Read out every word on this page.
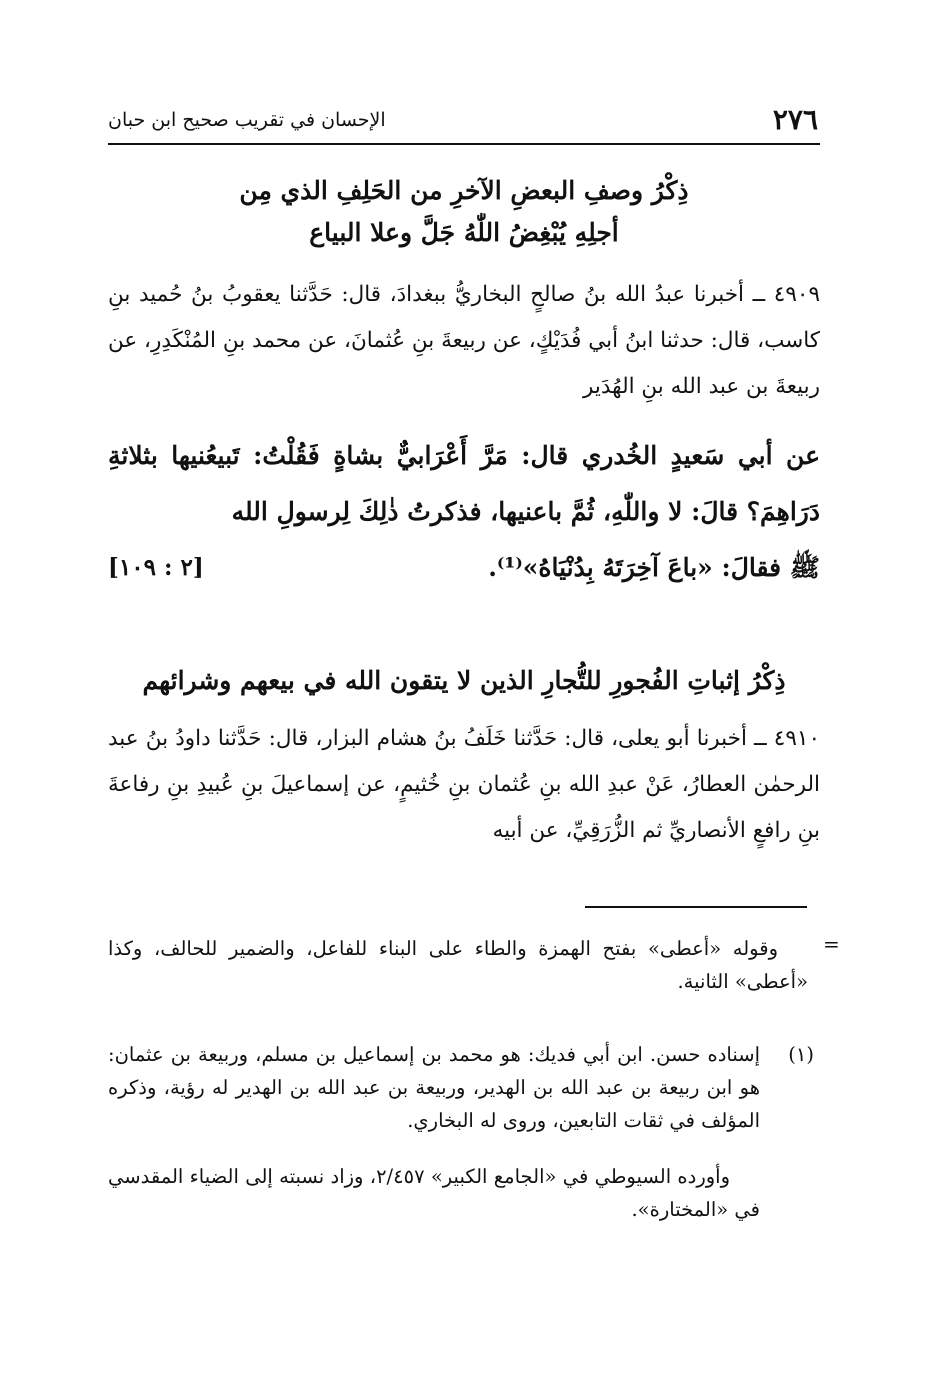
٢٧٦
الإحسان في تقريب صحيح ابن حبان
ذِكْرُ وصفِ البعضِ الآخرِ من الحَلِفِ الذي مِن
أجلِهِ يُبْغِضُ اللّٰهُ جَلَّ وعلا البياع
٤٩٠٩ ــ أخبرنا عبدُ الله بنُ صالحٍ البخاريُّ ببغدادَ، قال: حَدَّثنا يعقوبُ بنُ حُميد بنِ كاسب، قال: حدثنا ابنُ أبي فُدَيْكٍ، عن ربيعةَ بنِ عُثمانَ، عن محمد بنِ المُنْكَدِرِ، عن ربيعةَ بن عبد الله بنِ الهُدَير
عن أبي سَعيدٍ الخُدري قال: مَرَّ أَعْرَابيٌّ بشاةٍ فَقُلْتُ: تَبيعُنيها بثلاثةِ دَرَاهِمَ؟ قالَ: لا واللّٰهِ، ثُمَّ باعنيها، فذكرتُ ذٰلِكَ لِرسولِ الله
ﷺ فقالَ: «باعَ آخِرَتَهُ بِدُنْيَاهُ»⁽¹⁾.
[٢ : ١٠٩]
ذِكْرُ إثباتِ الفُجورِ للتُّجارِ الذين لا يتقون الله في بيعهم وشرائهم
٤٩١٠ ــ أخبرنا أبو يعلى، قال: حَدَّثنا خَلَفُ بنُ هشام البزار، قال: حَدَّثنا داودُ بنُ عبد الرحمٰن العطارُ، عَنْ عبدِ الله بنِ عُثمان بنِ خُثيمٍ، عن إسماعيلَ بنِ عُبيدِ بنِ رفاعةَ بنِ رافعٍ الأنصاريِّ ثم الزُّرَقِيِّ، عن أبيه
=
وقوله «أعطى» بفتح الهمزة والطاء على البناء للفاعل، والضمير للحالف، وكذا «أعطى» الثانية.
(١)
إسناده حسن. ابن أبي فديك: هو محمد بن إسماعيل بن مسلم، وربيعة بن عثمان: هو ابن ربيعة بن عبد الله بن الهدير، وربيعة بن عبد الله بن الهدير له رؤية، وذكره المؤلف في ثقات التابعين، وروى له البخاري.
وأورده السيوطي في «الجامع الكبير» ٢/٤٥٧، وزاد نسبته إلى الضياء المقدسي في «المختارة».
